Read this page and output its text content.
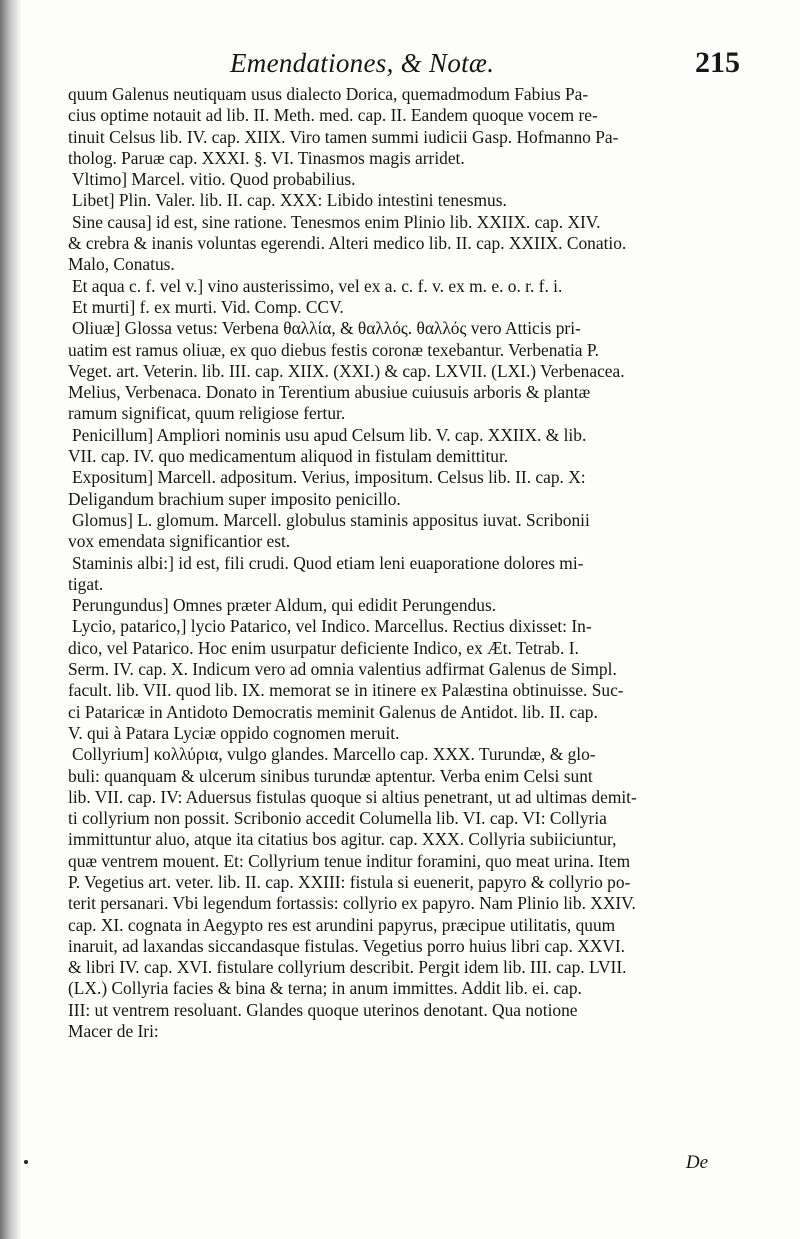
Emendationes, & Notæ.	215
quum Galenus neutiquam usus dialecto Dorica, quemadmodum Fabius Pa-
cius optime notauit ad lib. II. Meth. med. cap. II. Eandem quoque vocem re-
tinuit Celsus lib. IV. cap. XIIX. Viro tamen summi iudicii Gasp. Hofmanno Pa-
tholog. Paruæ cap. XXXI. §. VI. Tinasmos magis arridet.
Vltimo] Marcel. vitio. Quod probabilius.
Libet] Plin. Valer. lib. II. cap. XXX: Libido intestini tenesmus.
Sine causa] id est, sine ratione. Tenesmos enim Plinio lib. XXIIX. cap. XIV.
& crebra & inanis voluntas egerendi. Alteri medico lib. II. cap. XXIIX. Conatio.
Malo, Conatus.
Et aqua c. f. vel v.] vino austerissimo, vel ex a. c. f. v. ex m. e. o. r. f. i.
Et murti] f. ex murti. Vid. Comp. CCV.
Oliuæ] Glossa vetus: Verbena θαλλία, & θαλλός. θαλλός vero Atticis pri-
uatim est ramus oliuæ, ex quo diebus festis coronæ texebantur. Verbenatia P.
Veget. art. Veterin. lib. III. cap. XIIX. (XXI.) & cap. LXVII. (LXI.) Verbenacea.
Melius, Verbenaca. Donato in Terentium abusiue cuiusuis arboris & plantæ
ramum significat, quum religiose fertur.
Penicillum] Ampliori nominis usu apud Celsum lib. V. cap. XXIIX. & lib.
VII. cap. IV. quo medicamentum aliquod in fistulam demittitur.
Expositum] Marcell. adpositum. Verius, impositum. Celsus lib. II. cap. X:
Deligandum brachium super imposito penicillo.
Glomus] L. glomum. Marcell. globulus staminis appositus iuvat. Scribonii
vox emendata significantior est.
Staminis albi:] id est, fili crudi. Quod etiam leni euaporatione dolores mi-
tigat.
Perungundus] Omnes præter Aldum, qui edidit Perungendus.
Lycio, patarico,] lycio Patarico, vel Indico. Marcellus. Rectius dixisset: In-
dico, vel Patarico. Hoc enim usurpatur deficiente Indico, ex Æt. Tetrab. I.
Serm. IV. cap. X. Indicum vero ad omnia valentius adfirmat Galenus de Simpl.
facult. lib. VII. quod lib. IX. memorat se in itinere ex Palæstina obtinuisse. Suc-
ci Pataricæ in Antidoto Democratis meminit Galenus de Antidot. lib. II. cap.
V. qui à Patara Lyciæ oppido cognomen meruit.
Collyrium] κολλύρια, vulgo glandes. Marcello cap. XXX. Turundæ, & glo-
buli: quanquam & ulcerum sinibus turundæ aptentur. Verba enim Celsi sunt
lib. VII. cap. IV: Aduersus fistulas quoque si altius penetrant, ut ad ultimas demit-
ti collyrium non possit. Scribonio accedit Columella lib. VI. cap. VI: Collyria
immittuntur aluo, atque ita citatius bos agitur. cap. XXX. Collyria subiiciuntur,
quæ ventrem mouent. Et: Collyrium tenue inditur foramini, quo meat urina. Item
P. Vegetius art. veter. lib. II. cap. XXIII: fistula si euenerit, papyro & collyrio po-
terit persanari. Vbi legendum fortassis: collyrio ex papyro. Nam Plinio lib. XXIV.
cap. XI. cognata in Aegypto res est arundini papyrus, præcipue utilitatis, quum
inaruit, ad laxandas siccandasque fistulas. Vegetius porro huius libri cap. XXVI.
& libri IV. cap. XVI. fistulare collyrium describit. Pergit idem lib. III. cap. LVII.
(LX.) Collyria facies & bina & terna; in anum immittes. Addit lib. ei. cap.
III: ut ventrem resoluant. Glandes quoque uterinos denotant. Qua notione
Macer de Iri:
De
